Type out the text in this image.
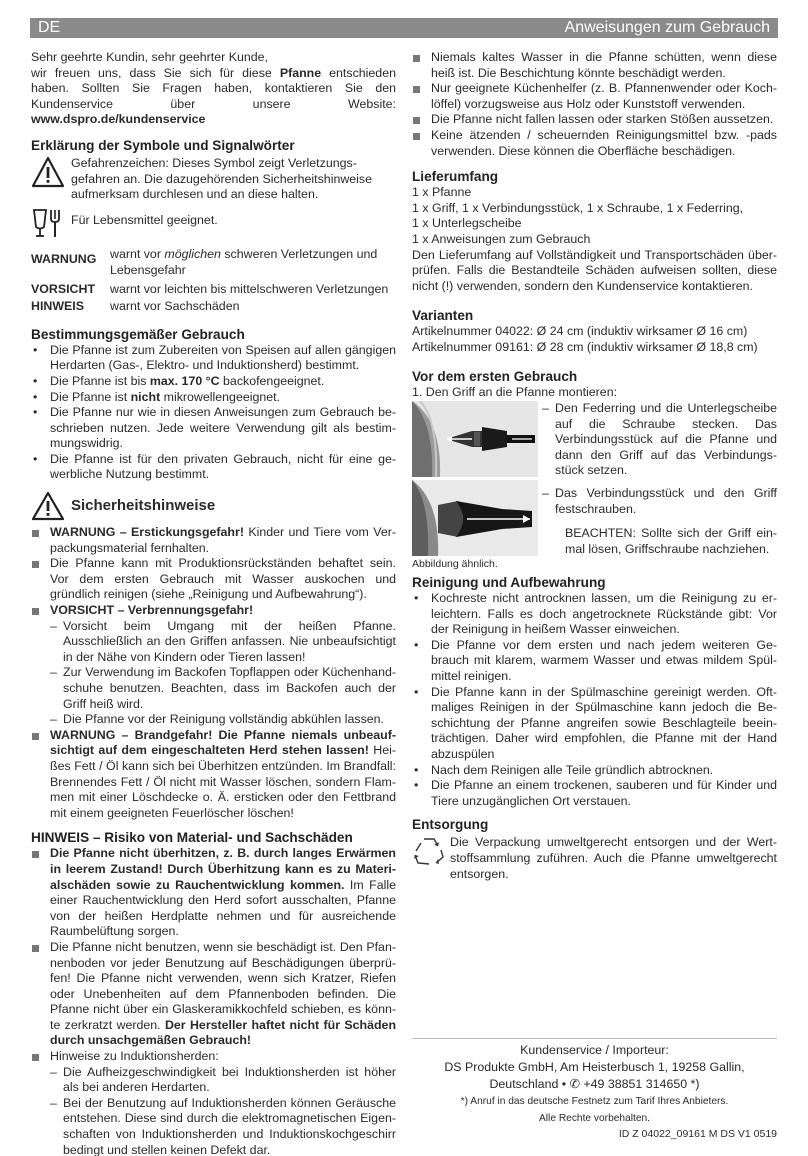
DE	Anweisungen zum Gebrauch

Sehr geehrte Kundin, sehr geehrter Kunde,

wir freuen uns, dass Sie sich für diese Pfanne entschieden haben. Sollten Sie Fragen haben, kontaktieren Sie den Kundenservice über unsere Website: www.dspro.de/kundenservice

Erklärung der Symbole und Signalwörter

Gefahrenzeichen: Dieses Symbol zeigt Verletzungsgefahren an. Die dazugehörenden Sicherheitshinweise aufmerksam durchlesen und an diese halten.

Für Lebensmittel geeignet.

WARNUNG	warnt vor möglichen schweren Verletzungen und Lebensgefahr
VORSICHT	warnt vor leichten bis mittelschweren Verletzungen
HINWEIS	warnt vor Sachschäden
Bestimmungsgemäßer Gebrauch
• Die Pfanne ist zum Zubereiten von Speisen auf allen gängigen Herdarten (Gas-, Elektro- und Induktionsherd) bestimmt.
• Die Pfanne ist bis max. 170 °C backofengeeignet.
• Die Pfanne ist nicht mikrowellengeeignet.
• Die Pfanne nur wie in diesen Anweisungen zum Gebrauch beschrieben nutzen. Jede weitere Verwendung gilt als bestimmungswidrig.
• Die Pfanne ist für den privaten Gebrauch, nicht für eine gewerbliche Nutzung bestimmt.
Sicherheitshinweise
WARNUNG – Erstickungsgefahr! Kinder und Tiere vom Verpackungsmaterial fernhalten.
Die Pfanne kann mit Produktionsrückständen behaftet sein. Vor dem ersten Gebrauch mit Wasser auskochen und gründlich reinigen (siehe „Reinigung und Aufbewahrung“).
VORSICHT – Verbrennungsgefahr!
– Vorsicht beim Umgang mit der heißen Pfanne. Ausschließlich an den Griffen anfassen. Nie unbeaufsichtigt in der Nähe von Kindern oder Tieren lassen!
– Zur Verwendung im Backofen Topflappen oder Küchenhandschuhe benutzen. Beachten, dass im Backofen auch der Griff heiß wird.
– Die Pfanne vor der Reinigung vollständig abkühlen lassen.
WARNUNG – Brandgefahr! Die Pfanne niemals unbeaufsichtigt auf dem eingeschalteten Herd stehen lassen! Heißes Fett / Öl kann sich bei Überhitzen entzünden. Im Brandfall: Brennendes Fett / Öl nicht mit Wasser löschen, sondern Flammen mit einer Löschdecke o. Ä. ersticken oder den Fettbrand mit einem geeigneten Feuerlöscher löschen!
HINWEIS – Risiko von Material- und Sachschäden
Die Pfanne nicht überhitzen, z. B. durch langes Erwärmen in leerem Zustand! Durch Überhitzung kann es zu Materialschäden sowie zu Rauchentwicklung kommen. Im Falle einer Rauchentwicklung den Herd sofort ausschalten, Pfanne von der heißen Herdplatte nehmen und für ausreichende Raumbelüftung sorgen.
Die Pfanne nicht benutzen, wenn sie beschädigt ist. Den Pfannenboden vor jeder Benutzung auf Beschädigungen überprüfen! Die Pfanne nicht verwenden, wenn sich Kratzer, Riefen oder Unebenheiten auf dem Pfannenboden befinden. Die Pfanne nicht über ein Glaskeramikkochfeld schieben, es könnte zerkratzt werden. Der Hersteller haftet nicht für Schäden durch unsachgemäßen Gebrauch!
Hinweise zu Induktionsherden:
– Die Aufheizgeschwindigkeit bei Induktionsherden ist höher als bei anderen Herdarten.
– Bei der Benutzung auf Induktionsherden können Geräusche entstehen. Diese sind durch die elektromagnetischen Eigenschaften von Induktionsherden und Induktionskochgeschirr bedingt und stellen keinen Defekt dar.
Niemals kaltes Wasser in die Pfanne schütten, wenn diese heiß ist. Die Beschichtung könnte beschädigt werden.
Nur geeignete Küchenhelfer (z. B. Pfannenwender oder Kochlöffel) vorzugsweise aus Holz oder Kunststoff verwenden.
Die Pfanne nicht fallen lassen oder starken Stößen aussetzen.
Keine ätzenden / scheuernden Reinigungsmittel bzw. -pads verwenden. Diese können die Oberfläche beschädigen.
Lieferumfang

1 x Pfanne

1 x Griff, 1 x Verbindungsstück, 1 x Schraube, 1 x Federring,

1 x Unterlegscheibe

1 x Anweisungen zum Gebrauch

Den Lieferumfang auf Vollständigkeit und Transportschäden überprüfen. Falls die Bestandteile Schäden aufweisen sollten, diese nicht (!) verwenden, sondern den Kundenservice kontaktieren.

Varianten

Artikelnummer 04022: Ø 24 cm (induktiv wirksamer Ø 16 cm)

Artikelnummer 09161: Ø 28 cm (induktiv wirksamer Ø 18,8 cm)

Vor dem ersten Gebrauch

1. Den Griff an die Pfanne montieren:

– Den Federring und die Unterlegscheibe auf die Schraube stecken. Das Verbindungsstück auf die Pfanne und dann den Griff auf das Verbindungsstück setzen.
– Das Verbindungsstück und den Griff festschrauben.

BEACHTEN: Sollte sich der Griff einmal lösen, Griffschraube nachziehen.

Abbildung ähnlich.
Reinigung und Aufbewahrung
• Kochreste nicht antrocknen lassen, um die Reinigung zu erleichtern. Falls es doch angetrocknete Rückstände gibt: Vor der Reinigung in heißem Wasser einweichen.
• Die Pfanne vor dem ersten und nach jedem weiteren Gebrauch mit klarem, warmem Wasser und etwas mildem Spülmittel reinigen.
• Die Pfanne kann in der Spülmaschine gereinigt werden. Oftmaliges Reinigen in der Spülmaschine kann jedoch die Beschichtung der Pfanne angreifen sowie Beschlagteile beeinträchtigen. Daher wird empfohlen, die Pfanne mit der Hand abzuspülen
• Nach dem Reinigen alle Teile gründlich abtrocknen.
• Die Pfanne an einem trockenen, sauberen und für Kinder und Tiere unzugänglichen Ort verstauen.
Entsorgung

Die Verpackung umweltgerecht entsorgen und der Wertstoffsammlung zuführen. Auch die Pfanne umweltgerecht entsorgen.

Kundenservice / Importeur:

DS Produkte GmbH, Am Heisterbusch 1, 19258 Gallin,

Deutschland • ✆ +49 38851 314650 *)

*) Anruf in das deutsche Festnetz zum Tarif Ihres Anbieters.

Alle Rechte vorbehalten.

ID Z 04022_09161 M DS V1 0519
